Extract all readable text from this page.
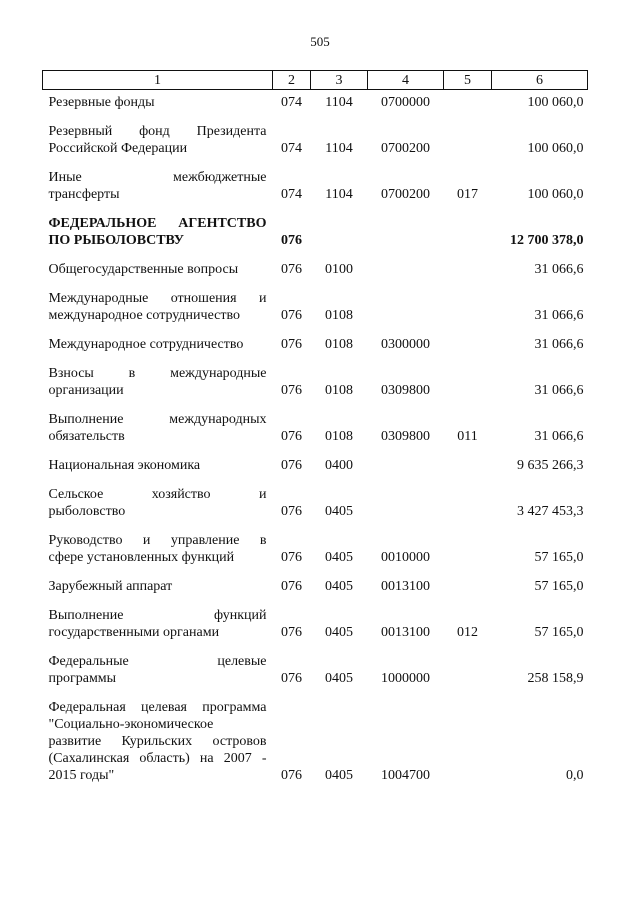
505
1	2	3	4	5	6

Резервные фонды	074	1104	0700000		100 060,0

Резервный фонд Президента
Российской Федерации	074	1104	0700200		100 060,0

Иные межбюджетные
трансферты	074	1104	0700200	017	100 060,0

ФЕДЕРАЛЬНОЕ АГЕНТСТВО
ПО РЫБОЛОВСТВУ	076				12 700 378,0

Общегосударственные вопросы	076	0100			31 066,6

Международные отношения и
международное сотрудничество	076	0108			31 066,6

Международное сотрудничество	076	0108	0300000		31 066,6

Взносы в международные
организации	076	0108	0309800		31 066,6

Выполнение международных
обязательств	076	0108	0309800	011	31 066,6

Национальная экономика	076	0400			9 635 266,3

Сельское хозяйство и
рыболовство	076	0405			3 427 453,3

Руководство и управление в
сфере установленных функций	076	0405	0010000		57 165,0

Зарубежный аппарат	076	0405	0013100		57 165,0

Выполнение функций
государственными органами	076	0405	0013100	012	57 165,0

Федеральные целевые
программы	076	0405	1000000		258 158,9

Федеральная целевая программа
"Социально-экономическое
развитие Курильских островов
(Сахалинская область) на 2007 -
2015 годы"	076	0405	1004700		0,0
